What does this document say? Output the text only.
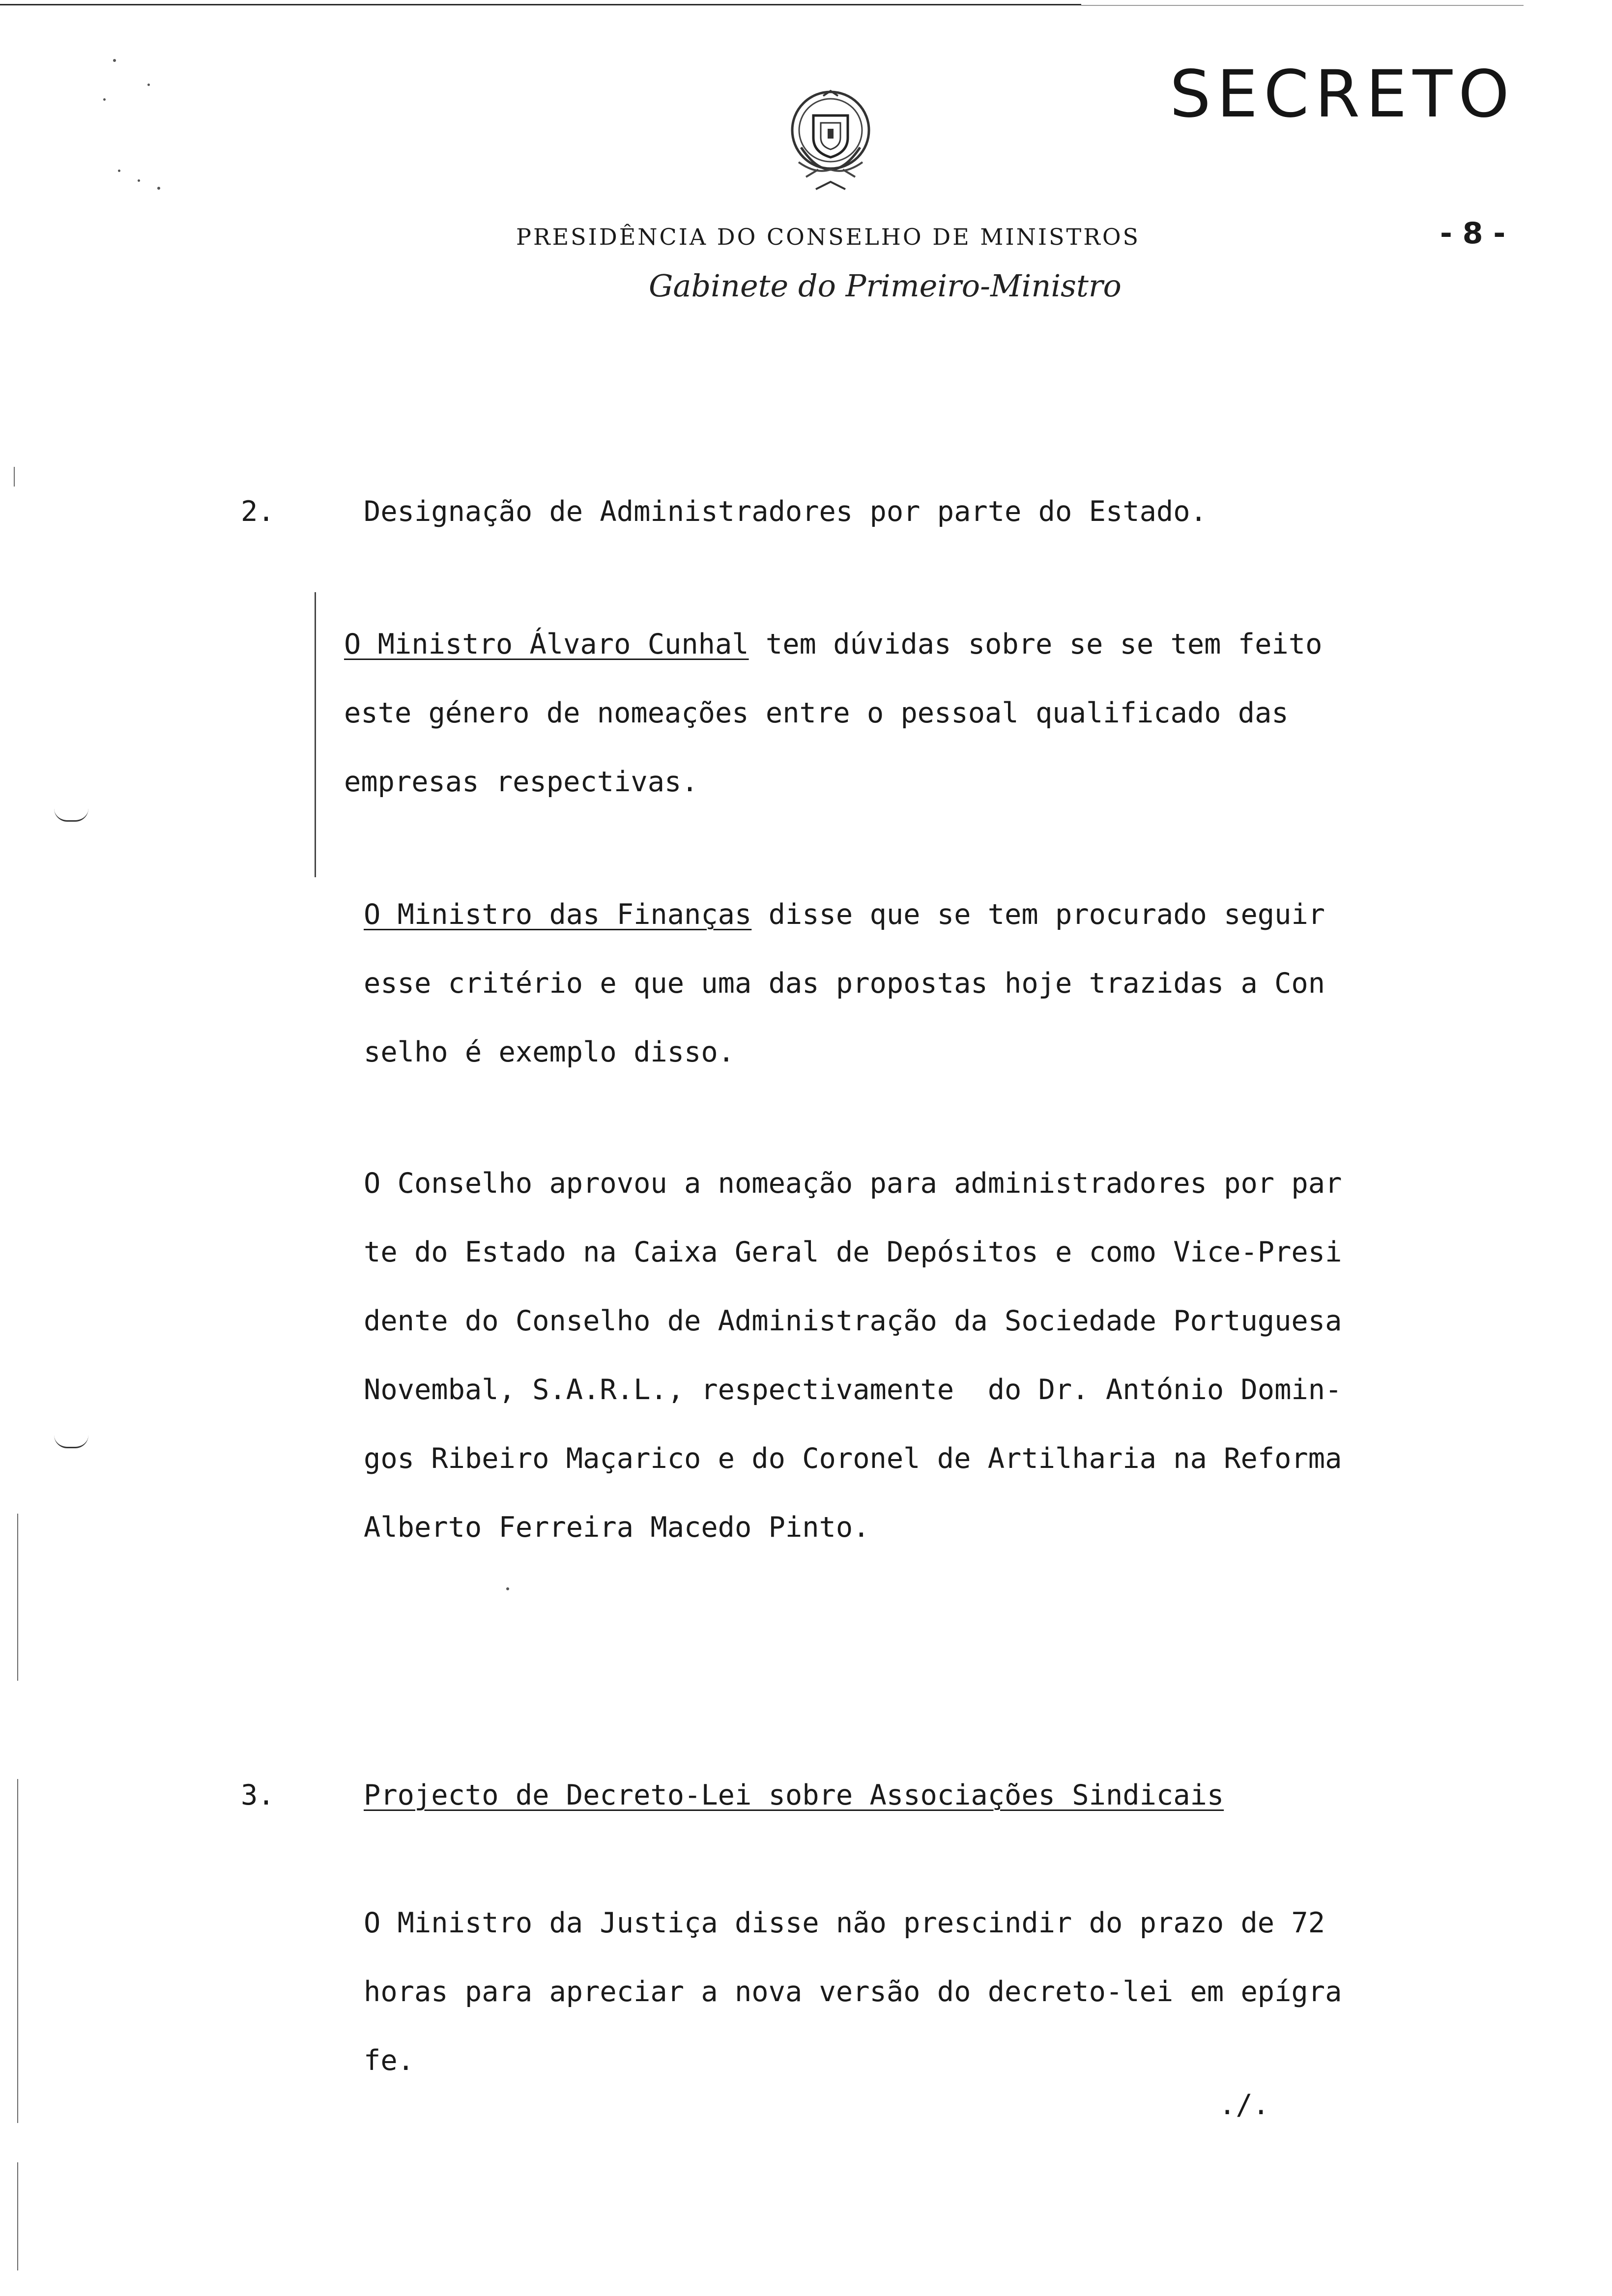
SECRETO
PRESIDÊNCIA DO CONSELHO DE MINISTROS
Gabinete do Primeiro-Ministro
- 8 -
2.	Designação de Administradores por parte do Estado.
O Ministro Álvaro Cunhal tem dúvidas sobre se se tem feito
este género de nomeações entre o pessoal qualificado das
empresas respectivas.
O Ministro das Finanças disse que se tem procurado seguir
esse critério e que uma das propostas hoje trazidas a Con
selho é exemplo disso.
O Conselho aprovou a nomeação para administradores por par
te do Estado na Caixa Geral de Depósitos e como Vice-Presi
dente do Conselho de Administração da Sociedade Portuguesa
Novembal, S.A.R.L., respectivamente  do Dr. António Domin-
gos Ribeiro Maçarico e do Coronel de Artilharia na Reforma
Alberto Ferreira Macedo Pinto.
3.	Projecto de Decreto-Lei sobre Associações Sindicais
O Ministro da Justiça disse não prescindir do prazo de 72
horas para apreciar a nova versão do decreto-lei em epígra
fe.
./.
